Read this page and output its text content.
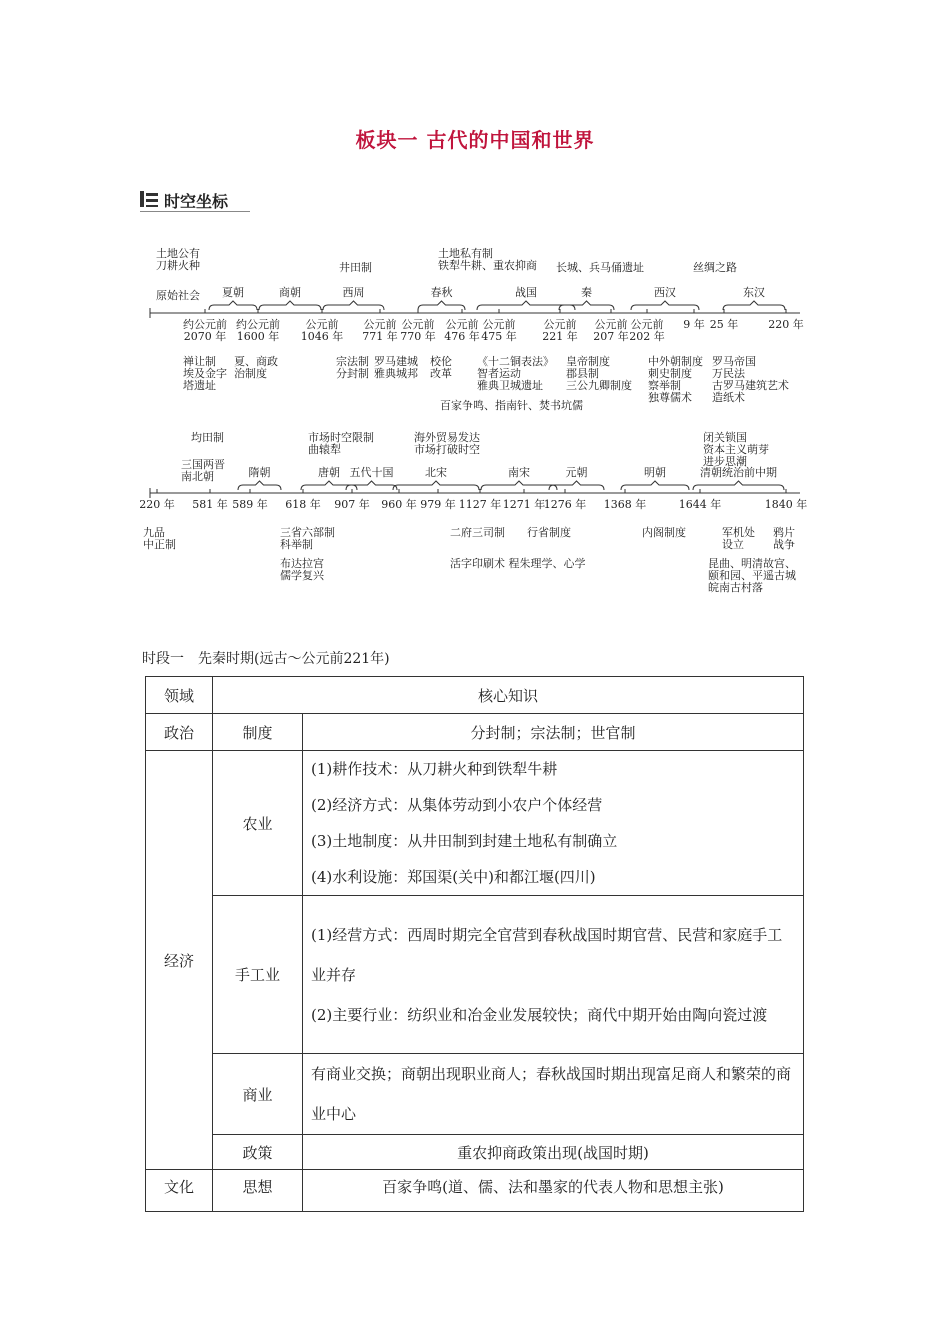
板块一 古代的中国和世界
时空坐标
约公元前
2070 年
约公元前
1600 年
公元前
1046 年
公元前
771 年
公元前
770 年
公元前
476 年
公元前
475 年
公元前
221 年
公元前
207 年
公元前
202 年
9 年 25 年	220 年
夏朝	商朝	西周	春秋	战国	秦	西汉	东汉
土地公有
刀耕火种	井田制
土地私有制
铁犁牛耕、重农抑商 长城、兵马俑遗址	丝绸之路
原始社会
禅让制
埃及金字
塔遗址
夏、商政
治制度
宗法制
分封制
罗马建城
雅典城邦
校伦
改革
《十二铜表法》
智者运动
雅典卫城遗址
皇帝制度
郡县制
三公九卿制度
中外朝制度
刺史制度
察举制
独尊儒术
罗马帝国
万民法
古罗马建筑艺术
造纸术
百家争鸣、指南针、焚书坑儒
220 年 581 年 589 年 618 年 907 年 960 年 979 年 1127 年 1271 年
1276 年 1368 年	1644 年	1840 年
隋朝	唐朝 五代十国	北宋	南宋	元朝	明朝	清朝统治前中期
均田制	市场时空限制
曲辕犁
海外贸易发达
市场打破时空
闭关锁国
资本主义萌芽
进步思潮
三国两晋
南北朝
九品
中正制
三省六部制
科举制
二府三司制 行省制度	内阁制度	军机处
设立
鸦片
战争
布达拉宫
儒学复兴
活字印刷术 程朱理学、心学	昆曲、明清故宫、
颐和园、平遥古城
皖南古村落
时段一　先秦时期(远古～公元前221年)
领域	核心知识	
政治	制度	分封制；宗法制；世官制
经济	农业	(1)耕作技术：从刀耕火种到铁犁牛耕

(2)经济方式：从集体劳动到小农户个体经营

(3)土地制度：从井田制到封建土地私有制确立

(4)水利设施：郑国渠(关中)和都江堰(四川)

	手工业	(1)经营方式：西周时期完全官营到春秋战国时期官营、民营和家庭手工业并存

(2)主要行业：纺织业和冶金业发展较快；商代中期开始由陶向瓷过渡

	商业	有商业交换；商朝出现职业商人；春秋战国时期出现富足商人和繁荣的商业中心

	政策	重农抑商政策出现(战国时期)
文化	思想	百家争鸣(道、儒、法和墨家的代表人物和思想主张)
